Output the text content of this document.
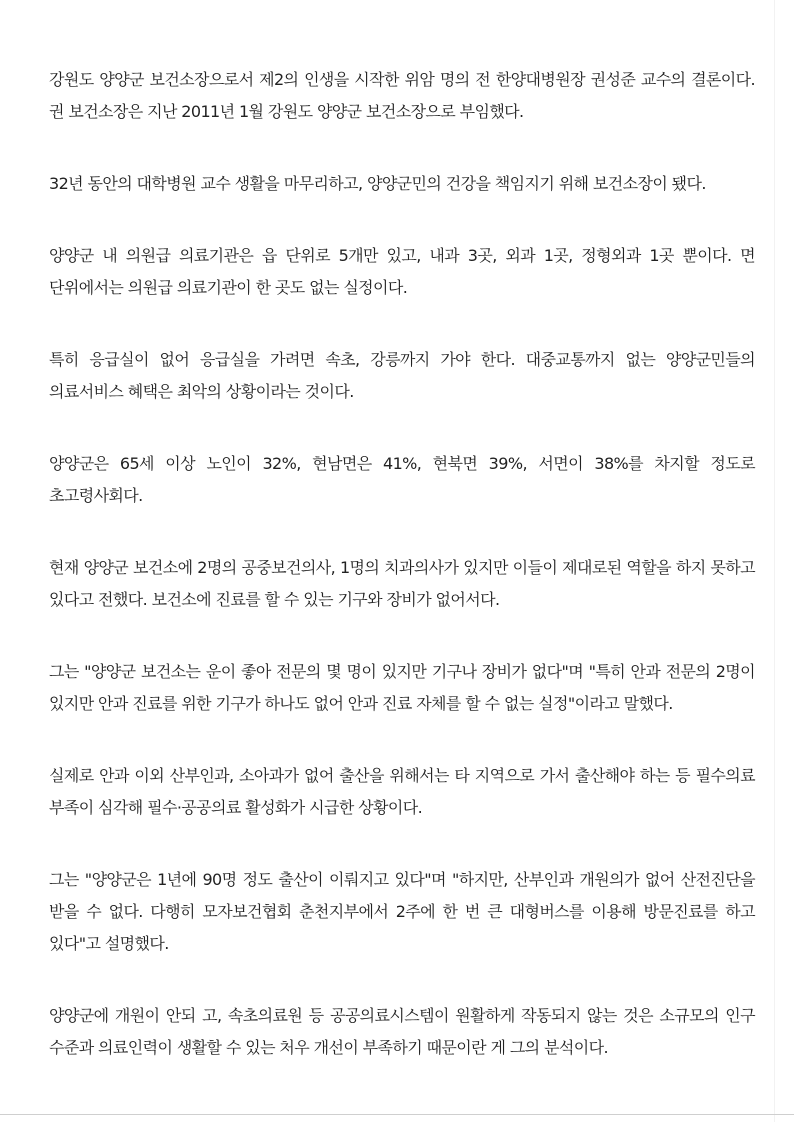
강원도 양양군 보건소장으로서 제2의 인생을 시작한 위암 명의 전 한양대병원장 권성준 교수의 결론이다. 권 보건소장은 지난 2011년 1월 강원도 양양군 보건소장으로 부임했다.

32년 동안의 대학병원 교수 생활을 마무리하고, 양양군민의 건강을 책임지기 위해 보건소장이 됐다.

양양군 내 의원급 의료기관은 읍 단위로 5개만 있고, 내과 3곳, 외과 1곳, 정형외과 1곳 뿐이다. 면 단위에서는 의원급 의료기관이 한 곳도 없는 실정이다.

특히 응급실이 없어 응급실을 가려면 속초, 강릉까지 가야 한다. 대중교통까지 없는 양양군민들의 의료서비스 혜택은 최악의 상황이라는 것이다.

양양군은 65세 이상 노인이 32%, 현남면은 41%, 현북면 39%, 서면이 38%를 차지할 정도로 초고령사회다.

현재 양양군 보건소에 2명의 공중보건의사, 1명의 치과의사가 있지만 이들이 제대로된 역할을 하지 못하고 있다고 전했다. 보건소에 진료를 할 수 있는 기구와 장비가 없어서다.

그는 "양양군 보건소는 운이 좋아 전문의 몇 명이 있지만 기구나 장비가 없다"며 "특히 안과 전문의 2명이 있지만 안과 진료를 위한 기구가 하나도 없어 안과 진료 자체를 할 수 없는 실정"이라고 말했다.

실제로 안과 이외 산부인과, 소아과가 없어 출산을 위해서는 타 지역으로 가서 출산해야 하는 등 필수의료 부족이 심각해 필수·공공의료 활성화가 시급한 상황이다.

그는 "양양군은 1년에 90명 정도 출산이 이뤄지고 있다"며 "하지만, 산부인과 개원의가 없어 산전진단을 받을 수 없다. 다행히 모자보건협회 춘천지부에서 2주에 한 번 큰 대형버스를 이용해 방문진료를 하고 있다"고 설명했다.

양양군에 개원이 안되 고, 속초의료원 등 공공의료시스템이 원활하게 작동되지 않는 것은 소규모의 인구 수준과 의료인력이 생활할 수 있는 처우 개선이 부족하기 때문이란 게 그의 분석이다.
